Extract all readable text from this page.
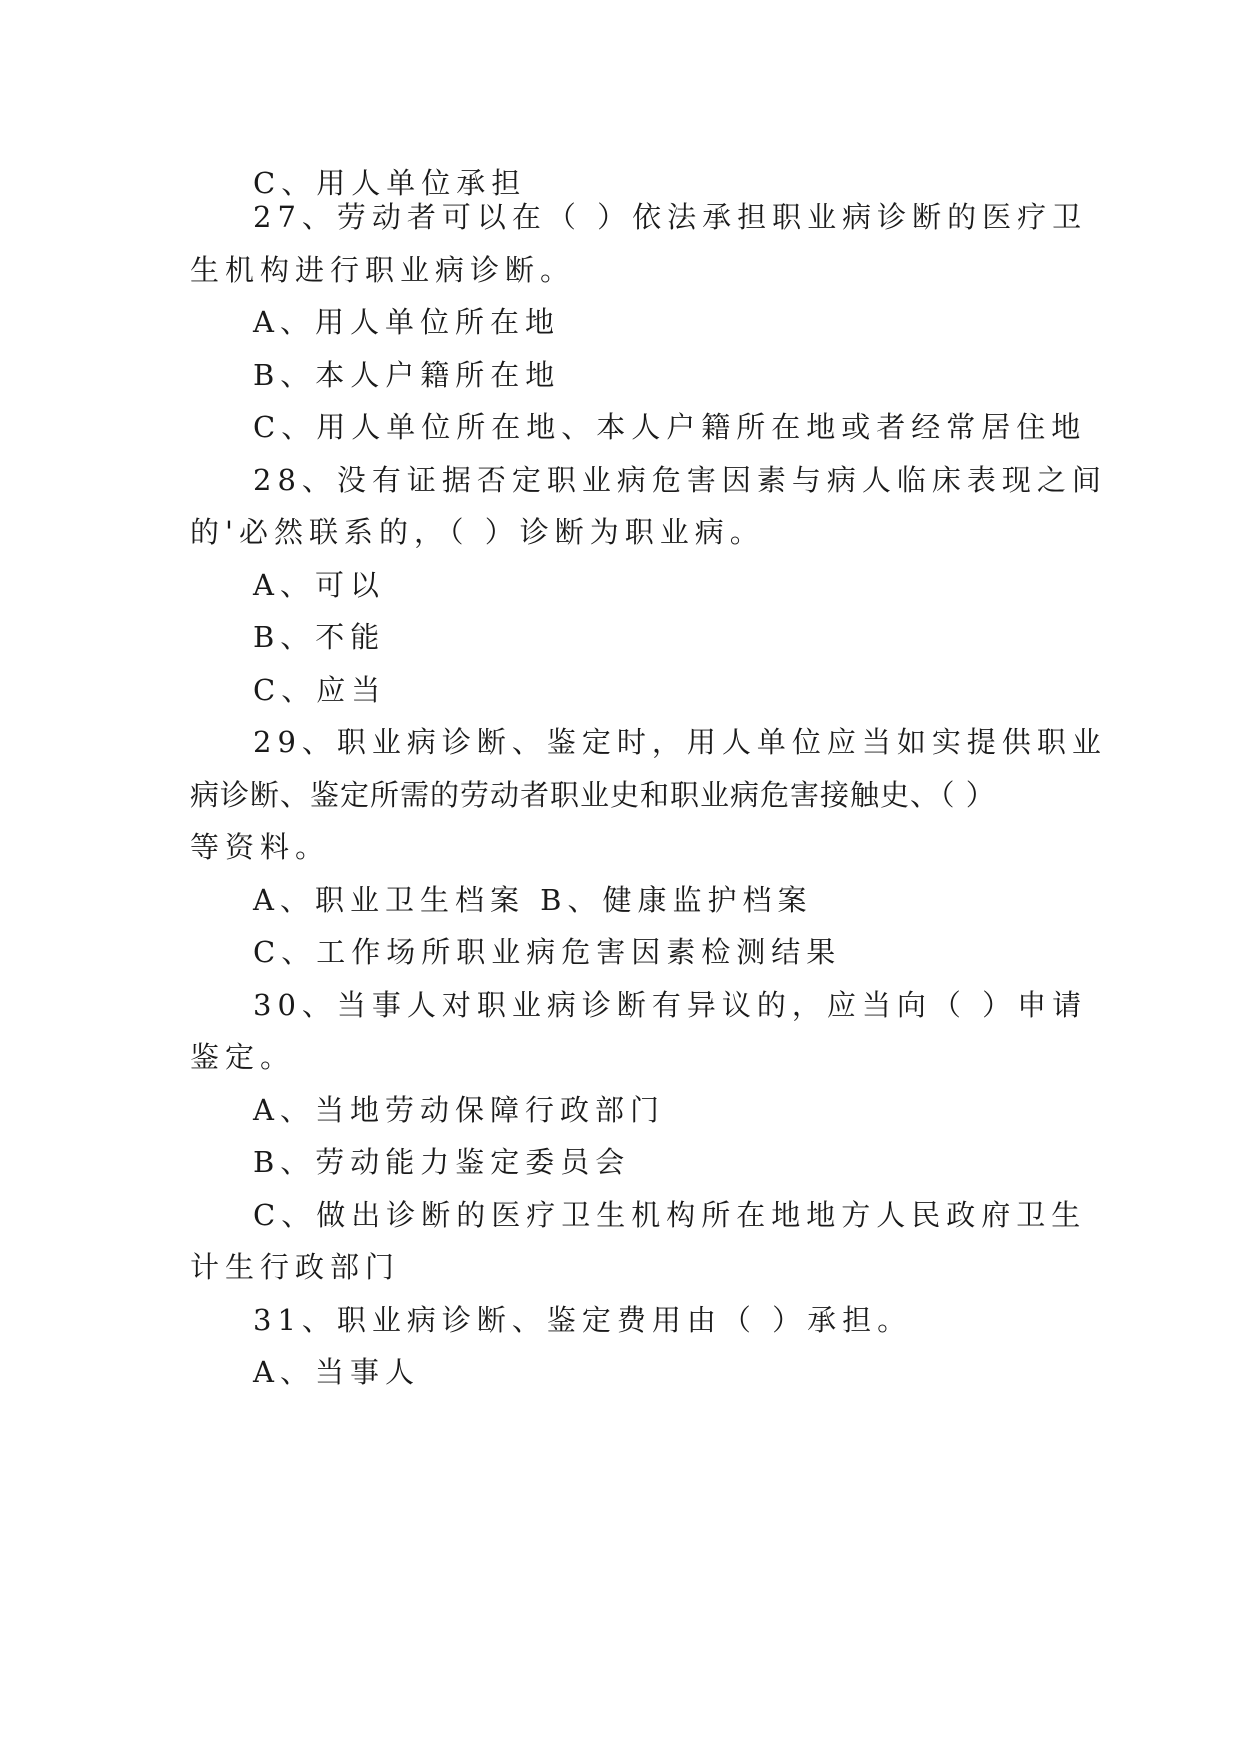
C、用人单位承担
27、劳动者可以在（ ）依法承担职业病诊断的医疗卫
生机构进行职业病诊断。
A、用人单位所在地
B、本人户籍所在地
C、用人单位所在地、本人户籍所在地或者经常居住地
28、没有证据否定职业病危害因素与病人临床表现之间
的'必然联系的，（ ）诊断为职业病。
A、可以
B、不能
C、应当
29、职业病诊断、鉴定时，用人单位应当如实提供职业
病诊断、鉴定所需的劳动者职业史和职业病危害接触史、（ ）
等资料。
A、职业卫生档案 B、健康监护档案
C、工作场所职业病危害因素检测结果
30、当事人对职业病诊断有异议的，应当向（ ）申请
鉴定。
A、当地劳动保障行政部门
B、劳动能力鉴定委员会
C、做出诊断的医疗卫生机构所在地地方人民政府卫生
计生行政部门
31、职业病诊断、鉴定费用由（ ）承担。
A、当事人
